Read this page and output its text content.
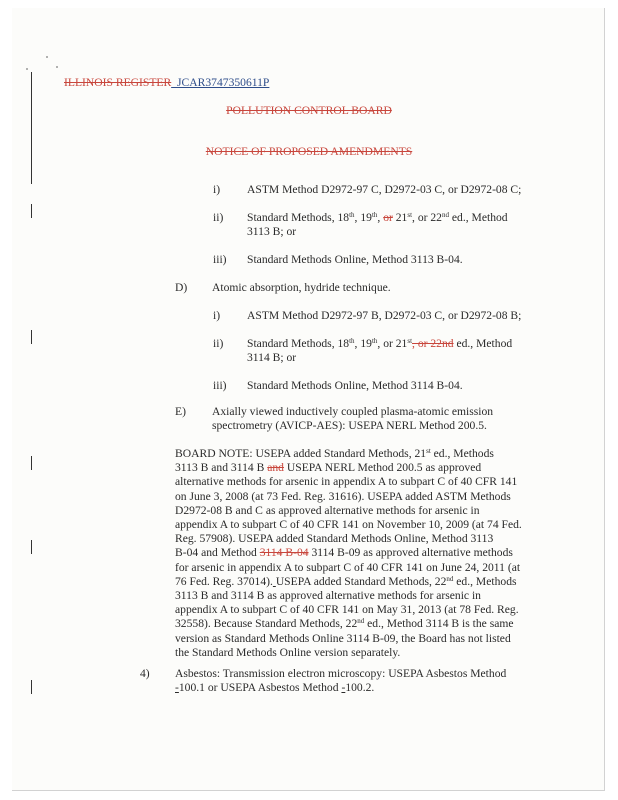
ILLINOIS REGISTER_JCAR3747350611P
POLLUTION CONTROL BOARD
NOTICE OF PROPOSED AMENDMENTS
i) ASTM Method D2972-97 C, D2972-03 C, or D2972-08 C;
ii) Standard Methods, 18th, 19th, or 21st, or 22nd ed., Method
3113 B; or
iii) Standard Methods Online, Method 3113 B-04.
D) Atomic absorption, hydride technique.
i) ASTM Method D2972-97 B, D2972-03 C, or D2972-08 B;
ii) Standard Methods, 18th, 19th, or 21st, or 22nd ed., Method
3114 B; or
iii) Standard Methods Online, Method 3114 B-04.
E) Axially viewed inductively coupled plasma-atomic emission
spectrometry (AVICP-AES): USEPA NERL Method 200.5.
BOARD NOTE: USEPA added Standard Methods, 21st ed., Methods
3113 B and 3114 B and USEPA NERL Method 200.5 as approved
alternative methods for arsenic in appendix A to subpart C of 40 CFR 141
on June 3, 2008 (at 73 Fed. Reg. 31616). USEPA added ASTM Methods
D2972-08 B and C as approved alternative methods for arsenic in
appendix A to subpart C of 40 CFR 141 on November 10, 2009 (at 74 Fed.
Reg. 57908). USEPA added Standard Methods Online, Method 3113
B-04 and Method 3114 B-04 3114 B-09 as approved alternative methods
for arsenic in appendix A to subpart C of 40 CFR 141 on June 24, 2011 (at
76 Fed. Reg. 37014). USEPA added Standard Methods, 22nd ed., Methods
3113 B and 3114 B as approved alternative methods for arsenic in
appendix A to subpart C of 40 CFR 141 on May 31, 2013 (at 78 Fed. Reg.
32558). Because Standard Methods, 22nd ed., Method 3114 B is the same
version as Standard Methods Online 3114 B-09, the Board has not listed
the Standard Methods Online version separately.
4) Asbestos: Transmission electron microscopy: USEPA Asbestos Method
-100.1 or USEPA Asbestos Method -100.2.
